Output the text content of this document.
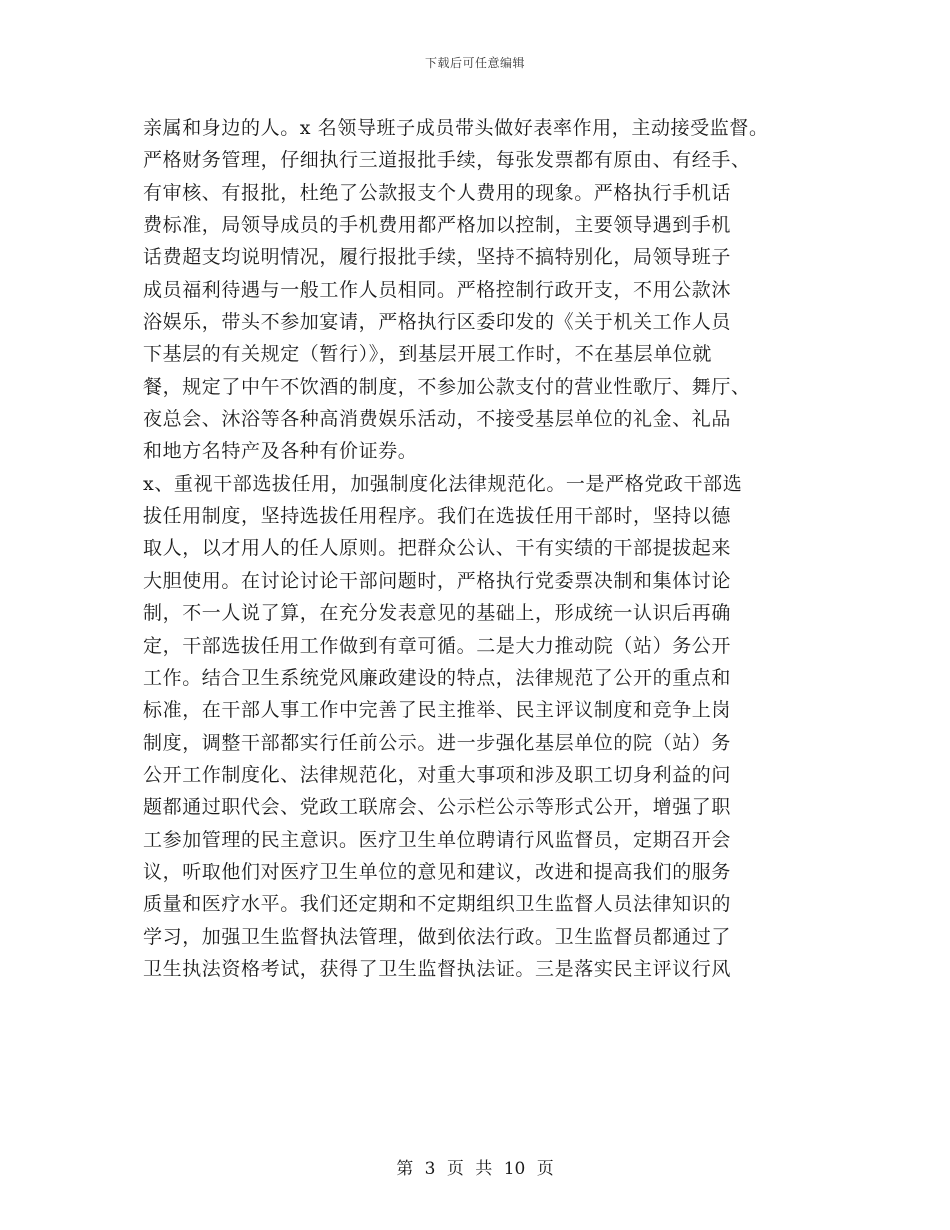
下载后可任意编辑
亲属和身边的人。x 名领导班子成员带头做好表率作用，主动接受监督。
严格财务管理，仔细执行三道报批手续，每张发票都有原由、有经手、
有审核、有报批，杜绝了公款报支个人费用的现象。严格执行手机话
费标准，局领导成员的手机费用都严格加以控制，主要领导遇到手机
话费超支均说明情况，履行报批手续，坚持不搞特别化，局领导班子
成员福利待遇与一般工作人员相同。严格控制行政开支，不用公款沐
浴娱乐，带头不参加宴请，严格执行区委印发的《关于机关工作人员
下基层的有关规定（暂行）》，到基层开展工作时，不在基层单位就
餐，规定了中午不饮酒的制度，不参加公款支付的营业性歌厅、舞厅、
夜总会、沐浴等各种高消费娱乐活动，不接受基层单位的礼金、礼品
和地方名特产及各种有价证券。
x、重视干部选拔任用，加强制度化法律规范化。一是严格党政干部选
拔任用制度，坚持选拔任用程序。我们在选拔任用干部时，坚持以德
取人，以才用人的任人原则。把群众公认、干有实绩的干部提拔起来
大胆使用。在讨论讨论干部问题时，严格执行党委票决制和集体讨论
制，不一人说了算，在充分发表意见的基础上，形成统一认识后再确
定，干部选拔任用工作做到有章可循。二是大力推动院（站）务公开
工作。结合卫生系统党风廉政建设的特点，法律规范了公开的重点和
标准，在干部人事工作中完善了民主推举、民主评议制度和竞争上岗
制度，调整干部都实行任前公示。进一步强化基层单位的院（站）务
公开工作制度化、法律规范化，对重大事项和涉及职工切身利益的问
题都通过职代会、党政工联席会、公示栏公示等形式公开，增强了职
工参加管理的民主意识。医疗卫生单位聘请行风监督员，定期召开会
议，听取他们对医疗卫生单位的意见和建议，改进和提高我们的服务
质量和医疗水平。我们还定期和不定期组织卫生监督人员法律知识的
学习，加强卫生监督执法管理，做到依法行政。卫生监督员都通过了
卫生执法资格考试，获得了卫生监督执法证。三是落实民主评议行风
第 3 页 共 10 页
